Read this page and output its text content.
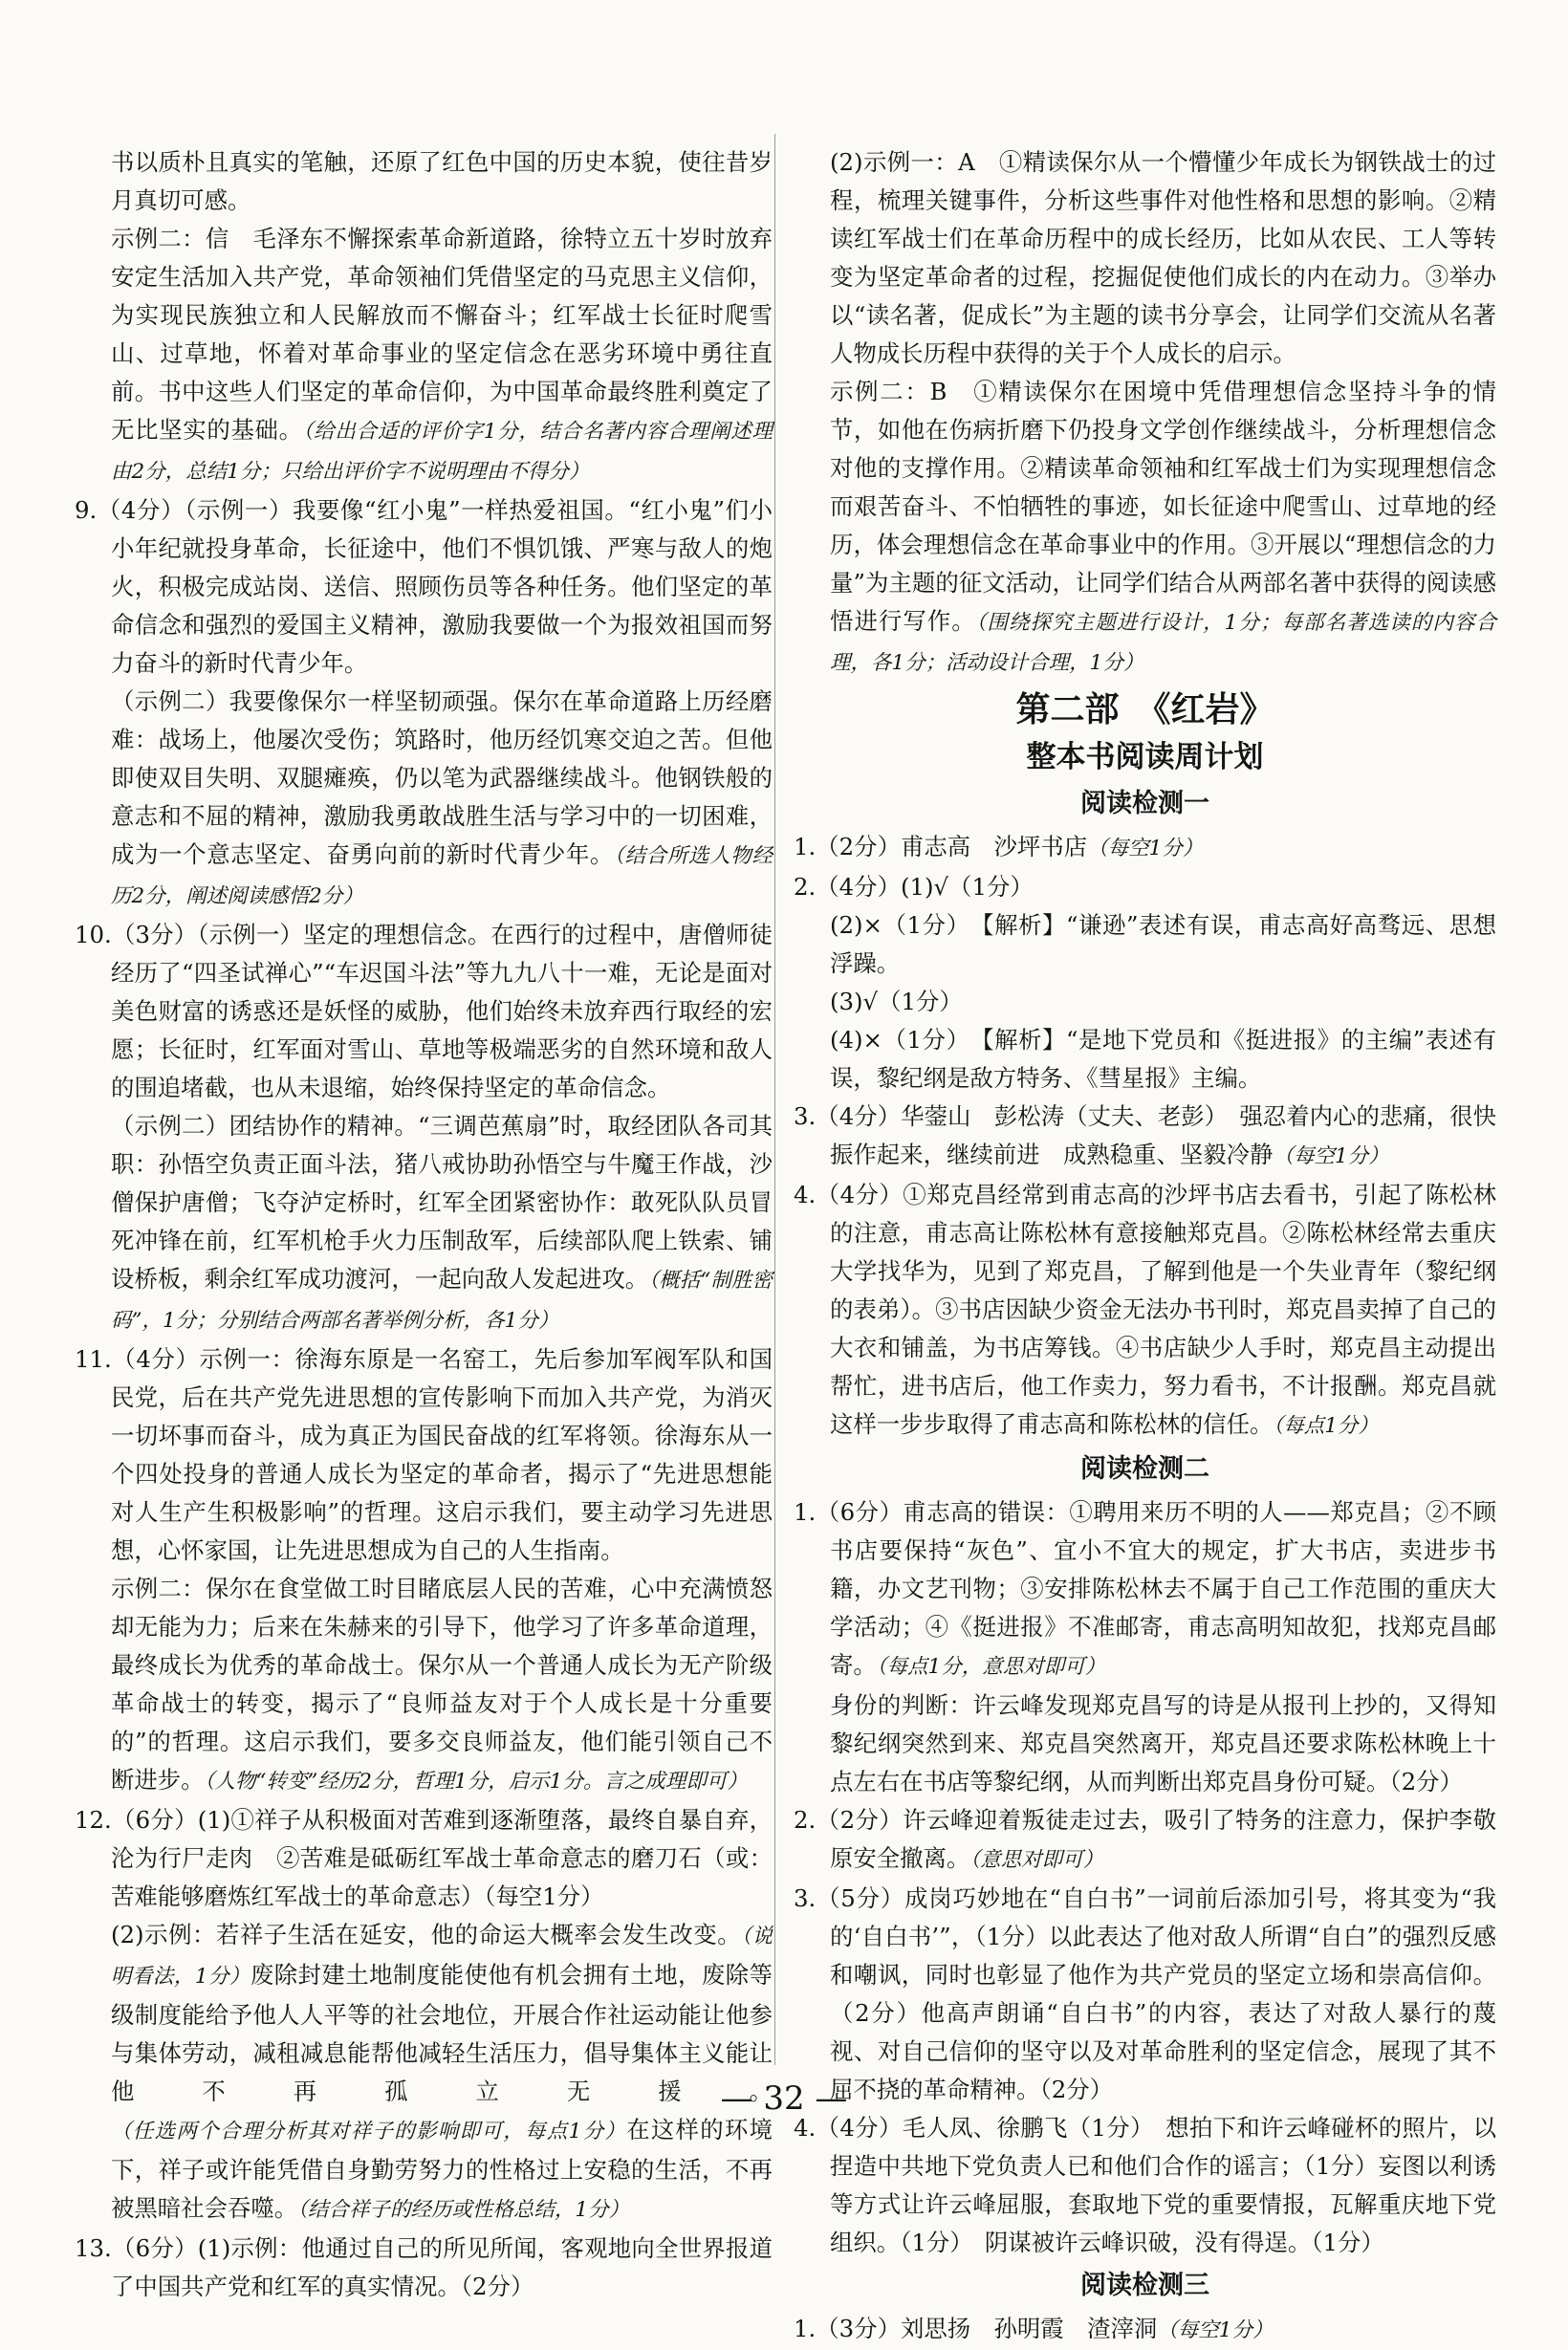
书以质朴且真实的笔触，还原了红色中国的历史本貌，使往昔岁月真切可感。

示例二：信　毛泽东不懈探索革命新道路，徐特立五十岁时放弃安定生活加入共产党，革命领袖们凭借坚定的马克思主义信仰，为实现民族独立和人民解放而不懈奋斗；红军战士长征时爬雪山、过草地，怀着对革命事业的坚定信念在恶劣环境中勇往直前。书中这些人们坚定的革命信仰，为中国革命最终胜利奠定了无比坚实的基础。（给出合适的评价字1分，结合名著内容合理阐述理由2分，总结1分；只给出评价字不说明理由不得分）

9.（4分）（示例一）我要像“红小鬼”一样热爱祖国。“红小鬼”们小小年纪就投身革命，长征途中，他们不惧饥饿、严寒与敌人的炮火，积极完成站岗、送信、照顾伤员等各种任务。他们坚定的革命信念和强烈的爱国主义精神，激励我要做一个为报效祖国而努力奋斗的新时代青少年。

（示例二）我要像保尔一样坚韧顽强。保尔在革命道路上历经磨难：战场上，他屡次受伤；筑路时，他历经饥寒交迫之苦。但他即使双目失明、双腿瘫痪，仍以笔为武器继续战斗。他钢铁般的意志和不屈的精神，激励我勇敢战胜生活与学习中的一切困难，成为一个意志坚定、奋勇向前的新时代青少年。（结合所选人物经历2分，阐述阅读感悟2分）

10.（3分）（示例一）坚定的理想信念。在西行的过程中，唐僧师徒经历了“四圣试禅心”“车迟国斗法”等九九八十一难，无论是面对美色财富的诱惑还是妖怪的威胁，他们始终未放弃西行取经的宏愿；长征时，红军面对雪山、草地等极端恶劣的自然环境和敌人的围追堵截，也从未退缩，始终保持坚定的革命信念。

（示例二）团结协作的精神。“三调芭蕉扇”时，取经团队各司其职：孙悟空负责正面斗法，猪八戒协助孙悟空与牛魔王作战，沙僧保护唐僧；飞夺泸定桥时，红军全团紧密协作：敢死队队员冒死冲锋在前，红军机枪手火力压制敌军，后续部队爬上铁索、铺设桥板，剩余红军成功渡河，一起向敌人发起进攻。（概括“制胜密码”，1分；分别结合两部名著举例分析，各1分）

11.（4分）示例一：徐海东原是一名窑工，先后参加军阀军队和国民党，后在共产党先进思想的宣传影响下而加入共产党，为消灭一切坏事而奋斗，成为真正为国民奋战的红军将领。徐海东从一个四处投身的普通人成长为坚定的革命者，揭示了“先进思想能对人生产生积极影响”的哲理。这启示我们，要主动学习先进思想，心怀家国，让先进思想成为自己的人生指南。

示例二：保尔在食堂做工时目睹底层人民的苦难，心中充满愤怒却无能为力；后来在朱赫来的引导下，他学习了许多革命道理，最终成长为优秀的革命战士。保尔从一个普通人成长为无产阶级革命战士的转变，揭示了“良师益友对于个人成长是十分重要的”的哲理。这启示我们，要多交良师益友，他们能引领自己不断进步。（人物“转变”经历2分，哲理1分，启示1分。言之成理即可）

12.（6分）(1)①祥子从积极面对苦难到逐渐堕落，最终自暴自弃，沦为行尸走肉　②苦难是砥砺红军战士革命意志的磨刀石（或：苦难能够磨炼红军战士的革命意志）（每空1分）

(2)示例：若祥子生活在延安，他的命运大概率会发生改变。（说明看法，1分）废除封建土地制度能使他有机会拥有土地，废除等级制度能给予他人人平等的社会地位，开展合作社运动能让他参与集体劳动，减租减息能帮他减轻生活压力，倡导集体主义能让他不再孤立无援。（任选两个合理分析其对祥子的影响即可，每点1分）在这样的环境下，祥子或许能凭借自身勤劳努力的性格过上安稳的生活，不再被黑暗社会吞噬。（结合祥子的经历或性格总结，1分）

13.（6分）(1)示例：他通过自己的所见所闻，客观地向全世界报道了中国共产党和红军的真实情况。（2分）

(2)示例一：A　①精读保尔从一个懵懂少年成长为钢铁战士的过程，梳理关键事件，分析这些事件对他性格和思想的影响。②精读红军战士们在革命历程中的成长经历，比如从农民、工人等转变为坚定革命者的过程，挖掘促使他们成长的内在动力。③举办以“读名著，促成长”为主题的读书分享会，让同学们交流从名著人物成长历程中获得的关于个人成长的启示。

示例二：B　①精读保尔在困境中凭借理想信念坚持斗争的情节，如他在伤病折磨下仍投身文学创作继续战斗，分析理想信念对他的支撑作用。②精读革命领袖和红军战士们为实现理想信念而艰苦奋斗、不怕牺牲的事迹，如长征途中爬雪山、过草地的经历，体会理想信念在革命事业中的作用。③开展以“理想信念的力量”为主题的征文活动，让同学们结合从两部名著中获得的阅读感悟进行写作。（围绕探究主题进行设计，1分；每部名著选读的内容合理，各1分；活动设计合理，1分）

第二部　《红岩》
整本书阅读周计划
阅读检测一

1.（2分）甫志高　沙坪书店（每空1分）

2.（4分）(1)√（1分）

(2)×（1分）　【解析】“谦逊”表述有误，甫志高好高骛远、思想浮躁。

(3)√（1分）

(4)×（1分）　【解析】“是地下党员和《挺进报》的主编”表述有误，黎纪纲是敌方特务、《彗星报》主编。

3.（4分）华蓥山　彭松涛（丈夫、老彭）　强忍着内心的悲痛，很快振作起来，继续前进　成熟稳重、坚毅冷静（每空1分）

4.（4分）①郑克昌经常到甫志高的沙坪书店去看书，引起了陈松林的注意，甫志高让陈松林有意接触郑克昌。②陈松林经常去重庆大学找华为，见到了郑克昌，了解到他是一个失业青年（黎纪纲的表弟）。③书店因缺少资金无法办书刊时，郑克昌卖掉了自己的大衣和铺盖，为书店筹钱。④书店缺少人手时，郑克昌主动提出帮忙，进书店后，他工作卖力，努力看书，不计报酬。郑克昌就这样一步步取得了甫志高和陈松林的信任。（每点1分）

阅读检测二

1.（6分）甫志高的错误：①聘用来历不明的人——郑克昌；②不顾书店要保持“灰色”、宜小不宜大的规定，扩大书店，卖进步书籍，办文艺刊物；③安排陈松林去不属于自己工作范围的重庆大学活动；④《挺进报》不准邮寄，甫志高明知故犯，找郑克昌邮寄。（每点1分，意思对即可）

身份的判断：许云峰发现郑克昌写的诗是从报刊上抄的，又得知黎纪纲突然到来、郑克昌突然离开，郑克昌还要求陈松林晚上十点左右在书店等黎纪纲，从而判断出郑克昌身份可疑。（2分）

2.（2分）许云峰迎着叛徒走过去，吸引了特务的注意力，保护李敬原安全撤离。（意思对即可）

3.（5分）成岗巧妙地在“自白书”一词前后添加引号，将其变为“我的‘自白书’”，（1分）以此表达了他对敌人所谓“自白”的强烈反感和嘲讽，同时也彰显了他作为共产党员的坚定立场和崇高信仰。（2分）他高声朗诵“自白书”的内容，表达了对敌人暴行的蔑视、对自己信仰的坚守以及对革命胜利的坚定信念，展现了其不屈不挠的革命精神。（2分）

4.（4分）毛人凤、徐鹏飞（1分）　想拍下和许云峰碰杯的照片，以捏造中共地下党负责人已和他们合作的谣言；（1分）妄图以利诱等方式让许云峰屈服，套取地下党的重要情报，瓦解重庆地下党组织。（1分）　阴谋被许云峰识破，没有得逞。（1分）

阅读检测三

1.（3分）刘思扬　孙明霞　渣滓洞（每空1分）

— 32 —
